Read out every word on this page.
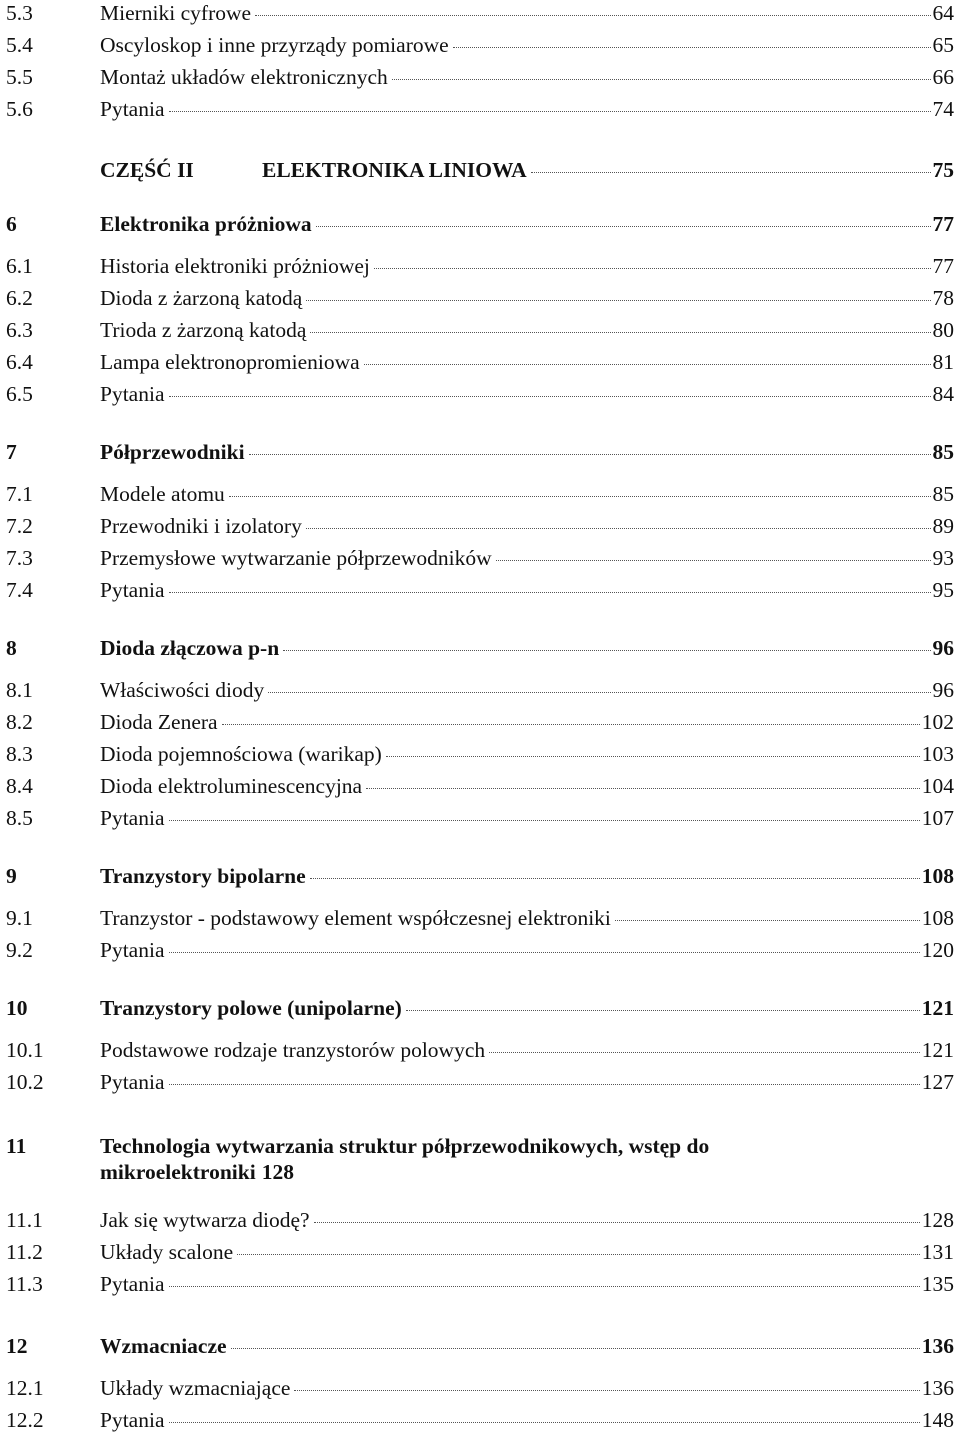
5.3	Mierniki cyfrowe	64
5.4	Oscyloskop i inne przyrządy pomiarowe	65
5.5	Montaż układów elektronicznych	66
5.6	Pytania	74
CZĘŚĆ II	ELEKTRONIKA LINIOWA	75
6	Elektronika próżniowa	77
6.1	Historia elektroniki próżniowej	77
6.2	Dioda z żarzoną katodą	78
6.3	Trioda z żarzoną katodą	80
6.4	Lampa elektronopromieniowa	81
6.5	Pytania	84
7	Półprzewodniki	85
7.1	Modele atomu	85
7.2	Przewodniki i izolatory	89
7.3	Przemysłowe wytwarzanie półprzewodników	93
7.4	Pytania	95
8	Dioda złączowa p-n	96
8.1	Właściwości diody	96
8.2	Dioda Zenera	102
8.3	Dioda pojemnościowa (warikap)	103
8.4	Dioda elektroluminescencyjna	104
8.5	Pytania	107
9	Tranzystory bipolarne	108
9.1	Tranzystor - podstawowy element współczesnej elektroniki	108
9.2	Pytania	120
10	Tranzystory polowe (unipolarne)	121
10.1	Podstawowe rodzaje tranzystorów polowych	121
10.2	Pytania	127
11	Technologia wytwarzania struktur półprzewodnikowych, wstęp do
mikroelektroniki 128
11.1	Jak się wytwarza diodę?	128
11.2	Układy scalone	131
11.3	Pytania	135
12	Wzmacniacze	136
12.1	Układy wzmacniające	136
12.2	Pytania	148
